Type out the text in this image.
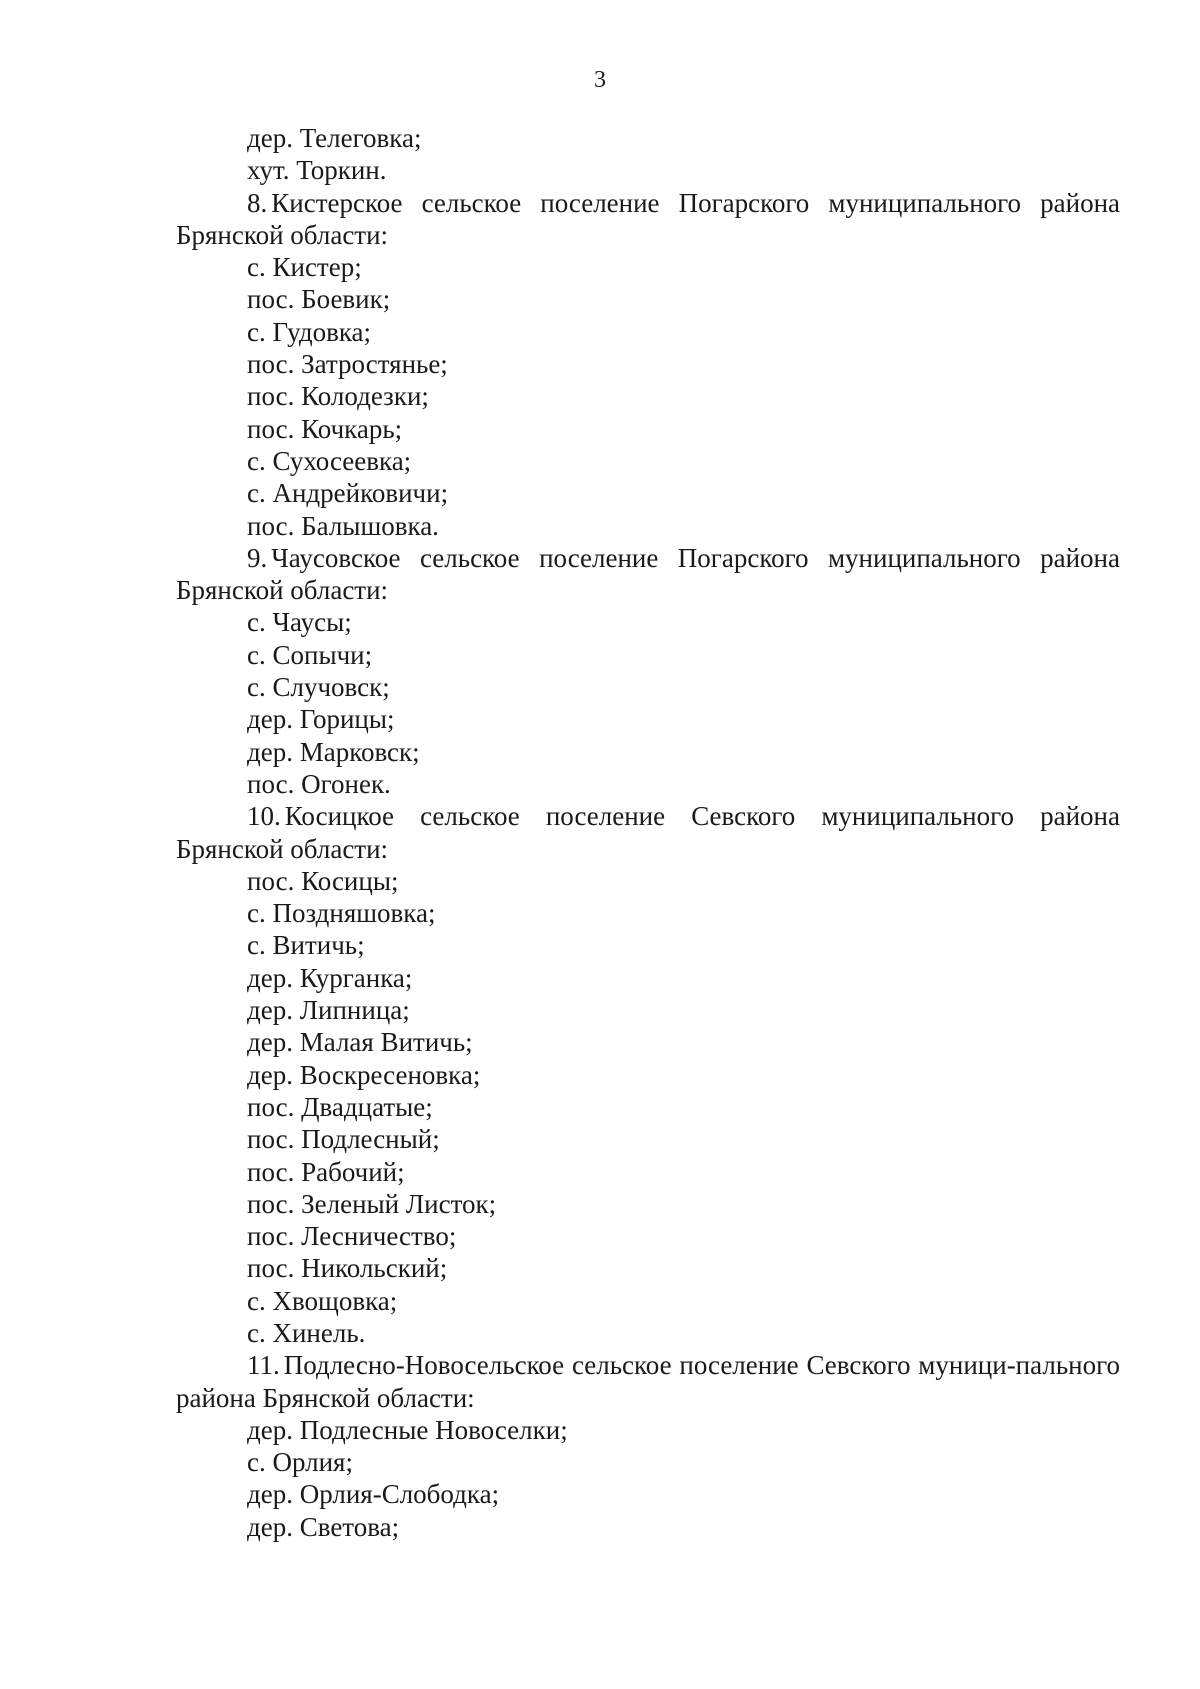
3
дер. Телеговка;
хут. Торкин.
8. Кистерское сельское поселение Погарского муниципального района Брянской области:
с. Кистер;
пос. Боевик;
с. Гудовка;
пос. Затростянье;
пос. Колодезки;
пос. Кочкарь;
с. Сухосеевка;
с. Андрейковичи;
пос. Балышовка.
9. Чаусовское сельское поселение Погарского муниципального района Брянской области:
с. Чаусы;
с. Сопычи;
с. Случовск;
дер. Горицы;
дер. Марковск;
пос. Огонек.
10. Косицкое сельское поселение Севского муниципального района Брянской области:
пос. Косицы;
с. Поздняшовка;
с. Витичь;
дер. Курганка;
дер. Липница;
дер. Малая Витичь;
дер. Воскресеновка;
пос. Двадцатые;
пос. Подлесный;
пос. Рабочий;
пос. Зеленый Листок;
пос. Лесничество;
пос. Никольский;
с. Хвощовка;
с. Хинель.
11. Подлесно-Новосельское сельское поселение Севского муници-пального района Брянской области:
дер. Подлесные Новоселки;
с. Орлия;
дер. Орлия-Слободка;
дер. Светова;
